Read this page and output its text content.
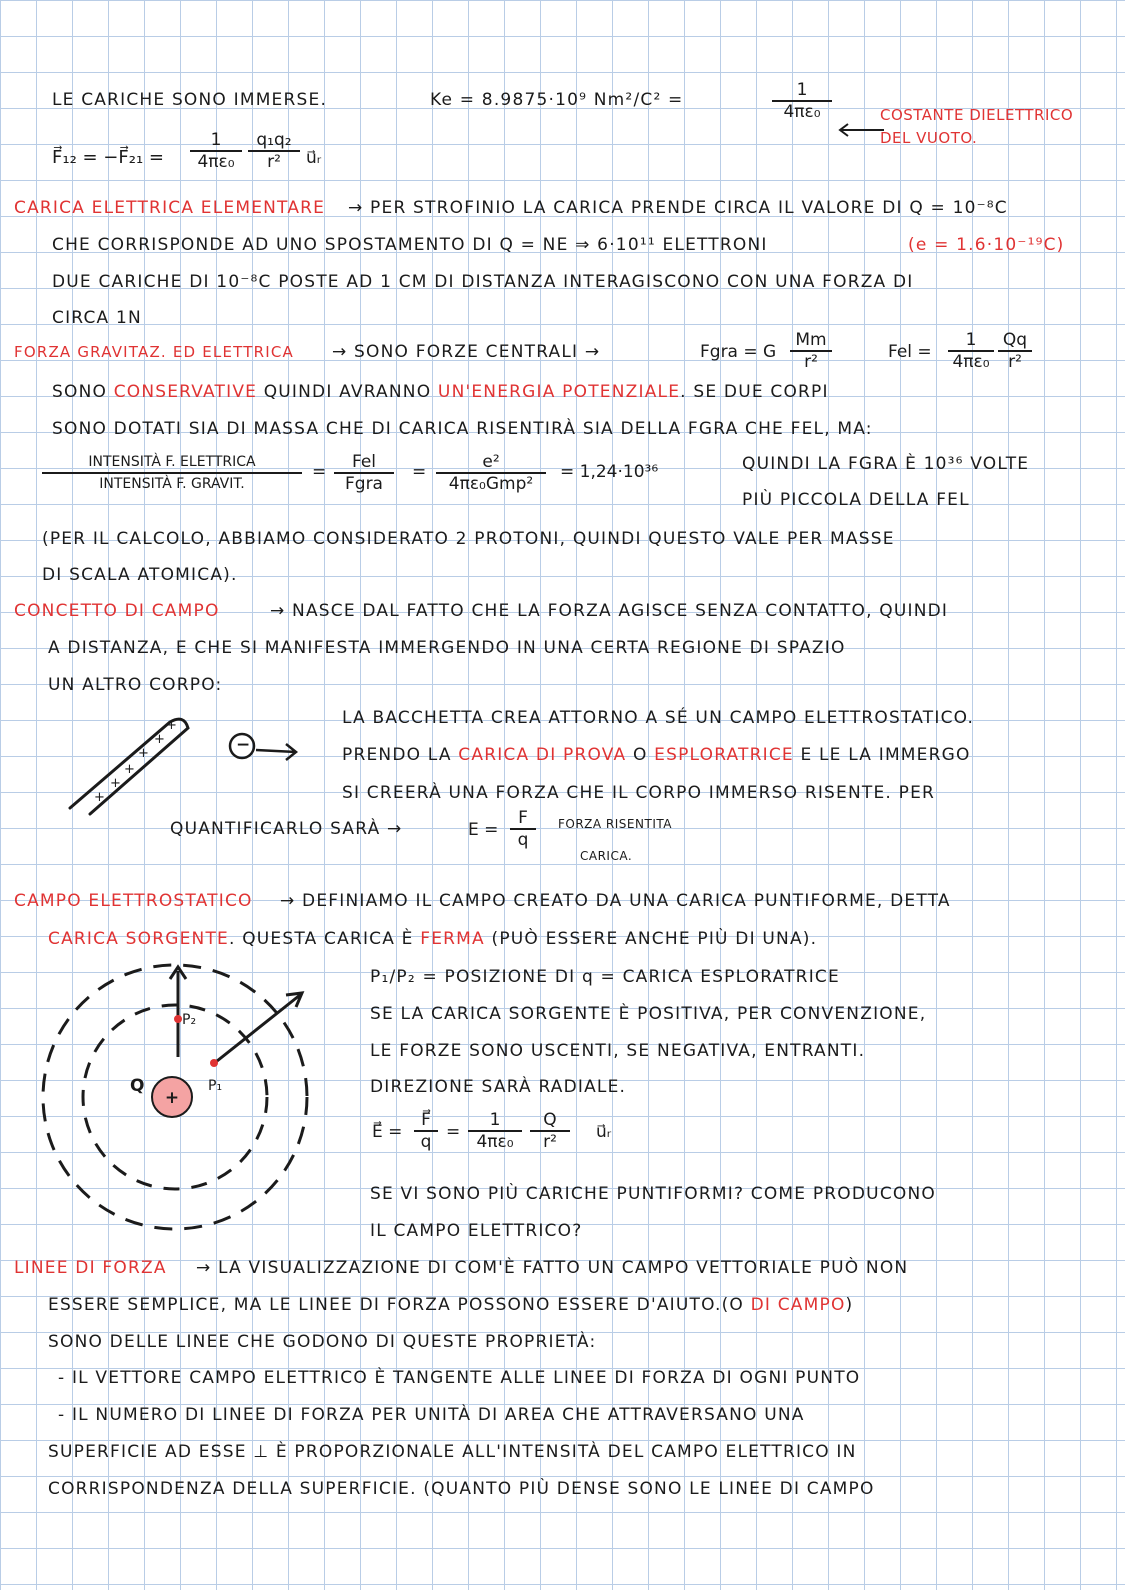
LE CARICHE SONO IMMERSE.	Ke = 8.9875·10⁹ Nm²/C² =	$\frac{1}{\text{4πε₀}}$	COSTANTE DIELETTRICO
DEL VUOTO.
F⃗₁₂ = −F⃗₂₁ = $\frac{1}{\text{4πε₀}} \frac{\text{q₁q₂}}{\text{r²}}$ u⃗ᵣ
CARICA ELETTRICA ELEMENTARE → PER STROFINIO LA CARICA PRENDE CIRCA IL VALORE DI Q = 10⁻⁸C
CHE CORRISPONDE AD UNO SPOSTAMENTO DI Q = NE ⇒ 6·10¹¹ ELETTRONI	(e = 1.6·10⁻¹⁹C)
DUE CARICHE DI 10⁻⁸C POSTE AD 1 CM DI DISTANZA INTERAGISCONO CON UNA FORZA DI
CIRCA 1N
FORZA GRAVITAZ. ED ELETTRICA → SONO FORZE CENTRALI →	Fgra = G $\frac{Mm}{\text{r²}}$	Fel = $\frac{1}{\text{4πε₀}} \frac{Qq}{\text{r²}}$
SONO CONSERVATIVE QUINDI AVRANNO UN'ENERGIA POTENZIALE. SE DUE CORPI
SONO DOTATI SIA DI MASSA CHE DI CARICA RISENTIRÀ SIA DELLA FGRA CHE FEL, MA:
INTENSITÀ F. ELETTRICA
INTENSITÀ F. GRAVIT.
=	Fel
Fgra
=	e²
4πε₀Gmp²
= 1,24·10³⁶	QUINDI LA FGRA È 10³⁶ VOLTE
PIÙ PICCOLA DELLA FEL
(PER IL CALCOLO, ABBIAMO CONSIDERATO 2 PROTONI, QUINDI QUESTO VALE PER MASSE
DI SCALA ATOMICA).
CONCETTO DI CAMPO	→ NASCE DAL FATTO CHE LA FORZA AGISCE SENZA CONTATTO, QUINDI
A DISTANZA, E CHE SI MANIFESTA IMMERGENDO IN UNA CERTA REGIONE DI SPAZIO
UN ALTRO CORPO:
+
+
+
+
+
+
−
LA BACCHETTA CREA ATTORNO A SÉ UN CAMPO ELETTROSTATICO.
PRENDO LA CARICA DI PROVA O ESPLORATRICE E LE LA IMMERGO
SI CREERÀ UNA FORZA CHE IL CORPO IMMERSO RISENTE. PER
QUANTIFICARLO SARÀ →	$E = \frac{F}{q}$ FORZA RISENTITA
CARICA.
CAMPO ELETTROSTATICO → DEFINIAMO IL CAMPO CREATO DA UNA CARICA PUNTIFORME, DETTA
CARICA SORGENTE. QUESTA CARICA È FERMA (PUÒ ESSERE ANCHE PIÙ DI UNA).
+
Q	P₁
P₂
P₁/P₂ = POSIZIONE DI q = CARICA ESPLORATRICE
SE LA CARICA SORGENTE È POSITIVA, PER CONVENZIONE,
LE FORZE SONO USCENTI, SE NEGATIVA, ENTRANTI.
DIREZIONE SARÀ RADIALE.
E⃗ = $\frac{F⃗}{q} = \frac{1}{\text{4πε₀}} \frac{Q}{\text{r²}}$ u⃗ᵣ
SE VI SONO PIÙ CARICHE PUNTIFORMI? COME PRODUCONO
IL CAMPO ELETTRICO?
LINEE DI FORZA → LA VISUALIZZAZIONE DI COM'È FATTO UN CAMPO VETTORIALE PUÒ NON
ESSERE SEMPLICE, MA LE LINEE DI FORZA POSSONO ESSERE D'AIUTO.(O DI CAMPO)
SONO DELLE LINEE CHE GODONO DI QUESTE PROPRIETÀ:
- IL VETTORE CAMPO ELETTRICO È TANGENTE ALLE LINEE DI FORZA DI OGNI PUNTO
- IL NUMERO DI LINEE DI FORZA PER UNITÀ DI AREA CHE ATTRAVERSANO UNA
SUPERFICIE AD ESSE ⊥ È PROPORZIONALE ALL'INTENSITÀ DEL CAMPO ELETTRICO IN
CORRISPONDENZA DELLA SUPERFICIE. (QUANTO PIÙ DENSE SONO LE LINEE DI CAMPO
